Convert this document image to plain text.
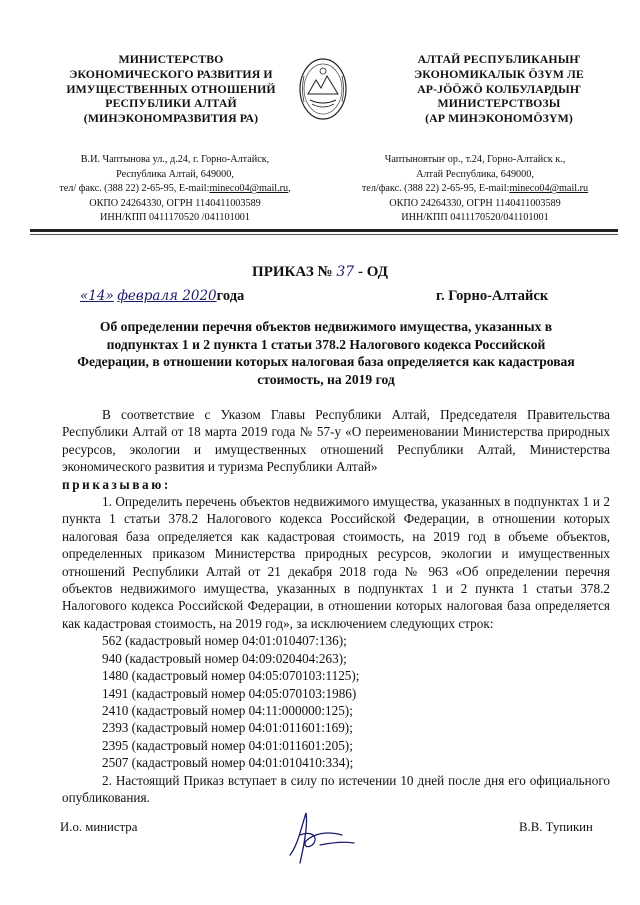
МИНИСТЕРСТВО
ЭКОНОМИЧЕСКОГО РАЗВИТИЯ И
ИМУЩЕСТВЕННЫХ ОТНОШЕНИЙ
РЕСПУБЛИКИ АЛТАЙ
(МИНЭКОНОМРАЗВИТИЯ РА)
АЛТАЙ РЕСПУБЛИКАНЫҤ
ЭКОНОМИКАЛЫК ÖЗҮМ ЛЕ
АР-JÖÖЖÖ КОЛБУЛАРДЫҤ
МИНИСТЕРСТВОЗЫ
(АР МИНЭКОНОМÖЗҮМ)
В.И. Чаптынова ул., д.24, г. Горно-Алтайск,
Республика Алтай, 649000,
тел/ факс. (388 22) 2-65-95, E-mail:mineco04@mail.ru,
ОКПО 24264330, ОГРН 1140411003589
ИНН/КПП 0411170520 /041101001
Чаптыновтыҥ ор., т.24, Горно-Алтайск к.,
Алтай Республика, 649000,
тел/факс. (388 22) 2-65-95, E-mail:mineco04@mail.ru
ОКПО 24264330, ОГРН 1140411003589
ИНН/КПП 0411170520/041101001
ПРИКАЗ № 37 - ОД
«14» февраля 2020года	г. Горно-Алтайск
Об определении перечня объектов недвижимого имущества, указанных в подпунктах 1 и 2 пункта 1 статьи 378.2 Налогового кодекса Российской Федерации, в отношении которых налоговая база определяется как кадастровая стоимость, на 2019 год

В соответствие с Указом Главы Республики Алтай, Председателя Правительства Республики Алтай от 18 марта 2019 года № 57-у «О переименовании Министерства природных ресурсов, экологии и имущественных отношений Республики Алтай, Министерства экономического развития и туризма Республики Алтай»
приказываю:

1. Определить перечень объектов недвижимого имущества, указанных в подпунктах 1 и 2 пункта 1 статьи 378.2 Налогового кодекса Российской Федерации, в отношении которых налоговая база определяется как кадастровая стоимость, на 2019 год в объеме объектов, определенных приказом Министерства природных ресурсов, экологии и имущественных отношений Республики Алтай от 21 декабря 2018 года № 963 «Об определении перечня объектов недвижимого имущества, указанных в подпунктах 1 и 2 пункта 1 статьи 378.2 Налогового кодекса Российской Федерации, в отношении которых налоговая база определяется как кадастровая стоимость, на 2019 год», за исключением следующих строк:

562 (кадастровый номер 04:01:010407:136);
940 (кадастровый номер 04:09:020404:263);
1480 (кадастровый номер 04:05:070103:1125);
1491 (кадастровый номер 04:05:070103:1986)
2410 (кадастровый номер 04:11:000000:125);
2393 (кадастровый номер 04:01:011601:169);
2395 (кадастровый номер 04:01:011601:205);
2507 (кадастровый номер 04:01:010410:334);

2. Настоящий Приказ вступает в силу по истечении 10 дней после дня его официального опубликования.

И.о. министра	В.В. Тупикин
